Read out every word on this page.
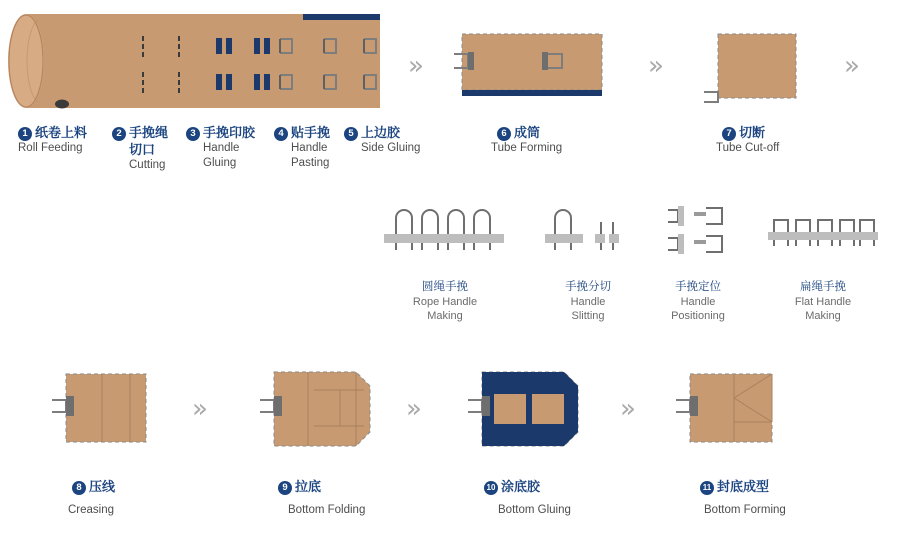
1 纸卷上料
Roll Feeding
2 手挽绳
切口
Cutting
3 手挽印胶
Handle
Gluing
4 贴手挽
Handle
Pasting
5 上边胶
Side Gluing
»
6 成筒
Tube Forming
»
7 切断
Tube Cut-off
»
圆绳手挽
Rope Handle
Making
手挽分切
Handle
Slitting
手挽定位
Handle
Positioning
扁绳手挽
Flat Handle
Making
8 压线
Creasing
»
9 拉底
Bottom Folding
»
10 涂底胶
Bottom Gluing
»
11 封底成型
Bottom Forming
